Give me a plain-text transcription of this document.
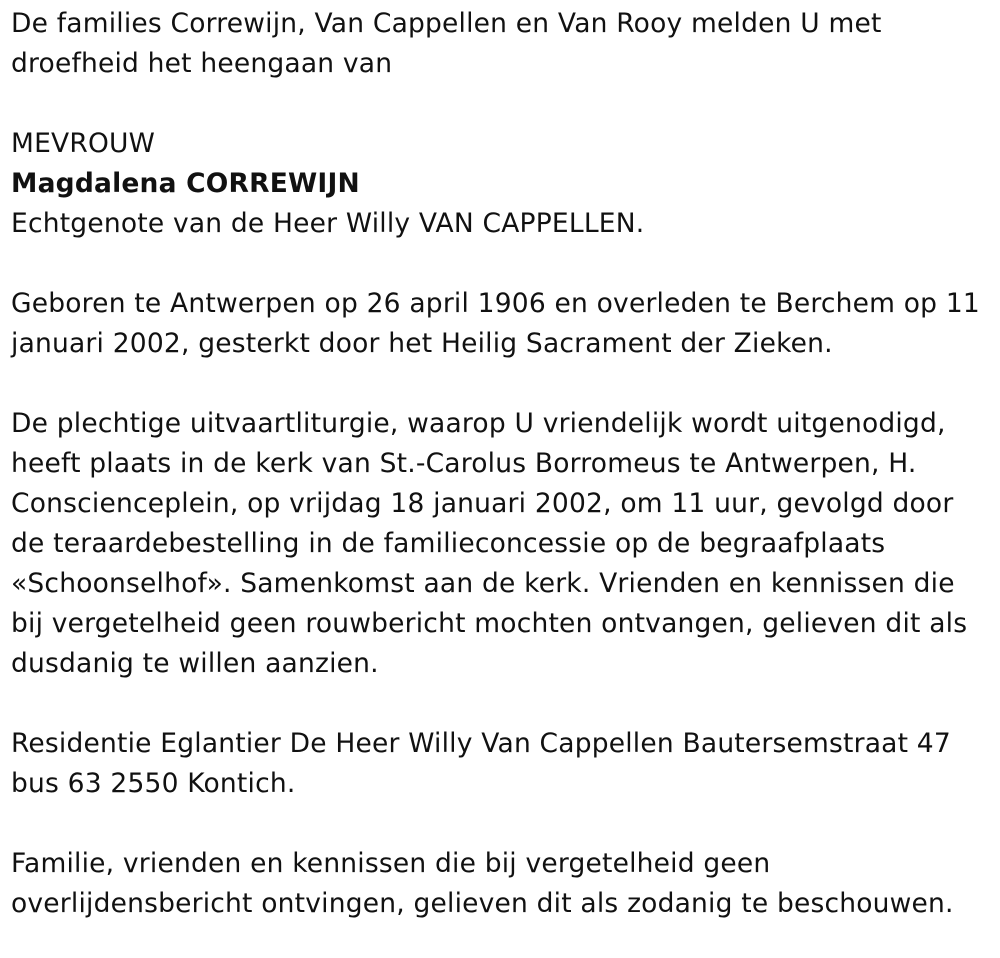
De families Correwijn, Van Cappellen en Van Rooy melden U met droefheid het heengaan van

MEVROUW

Magdalena CORREWIJN

Echtgenote van de Heer Willy VAN CAPPELLEN.

Geboren te Antwerpen op 26 april 1906 en overleden te Berchem op 11 januari 2002, gesterkt door het Heilig Sacrament der Zieken.

De plechtige uitvaartliturgie, waarop U vriendelijk wordt uitgenodigd, heeft plaats in de kerk van St.-Carolus Borromeus te Antwerpen, H. Conscienceplein, op vrijdag 18 januari 2002, om 11 uur, gevolgd door de teraardebestelling in de familieconcessie op de begraafplaats «Schoonselhof». Samenkomst aan de kerk. Vrienden en kennissen die bij vergetelheid geen rouwbericht mochten ontvangen, gelieven dit als dusdanig te willen aanzien.

Residentie Eglantier De Heer Willy Van Cappellen Bautersemstraat 47 bus 63 2550 Kontich.

Familie, vrienden en kennissen die bij vergetelheid geen overlijdensbericht ontvingen, gelieven dit als zodanig te beschouwen.
